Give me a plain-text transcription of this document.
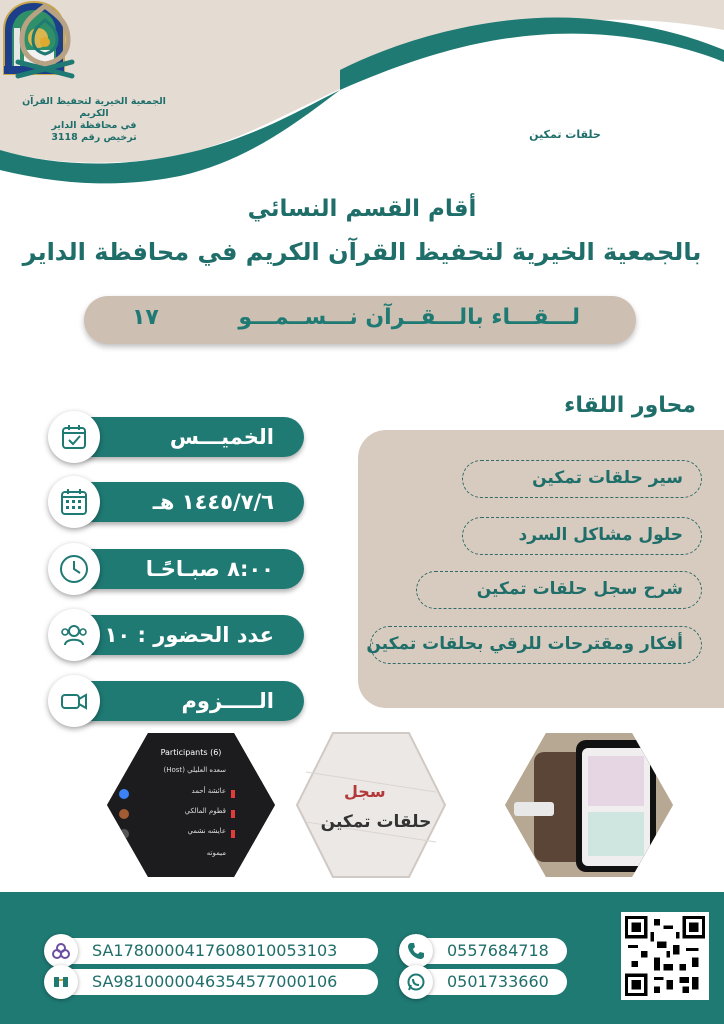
الجمعية الخيرية لتحفيظ القرآن الكريم
في محافظة الداير
ترخيص رقم 3118	حلقات تمكين
أقام القسم النسائي
بالجمعية الخيرية لتحفيظ القرآن الكريم في محافظة الداير
لـــقـــاء بالـــقــرآن نـــســمـــو
١٧
الخميـــس
١٤٤٥/٧/٦ هـ
٨:٠٠ صبـاحًـا
عدد الحضور : ١٠
الـــــزوم
محاور اللقاء
سير حلقات تمكين
حلول مشاكل السرد
شرح سجل حلقات تمكين
أفكار ومقترحات للرقي بحلقات تمكين
Participants (6)
سعده العليلي (Host)
عائشة أحمد
قطوم المالكي
عايشه نشمي
ميموته
سجل
حلقات تمكين
SA1780000417608010053103
SA9810000046354577000106
0557684718
0501733660
